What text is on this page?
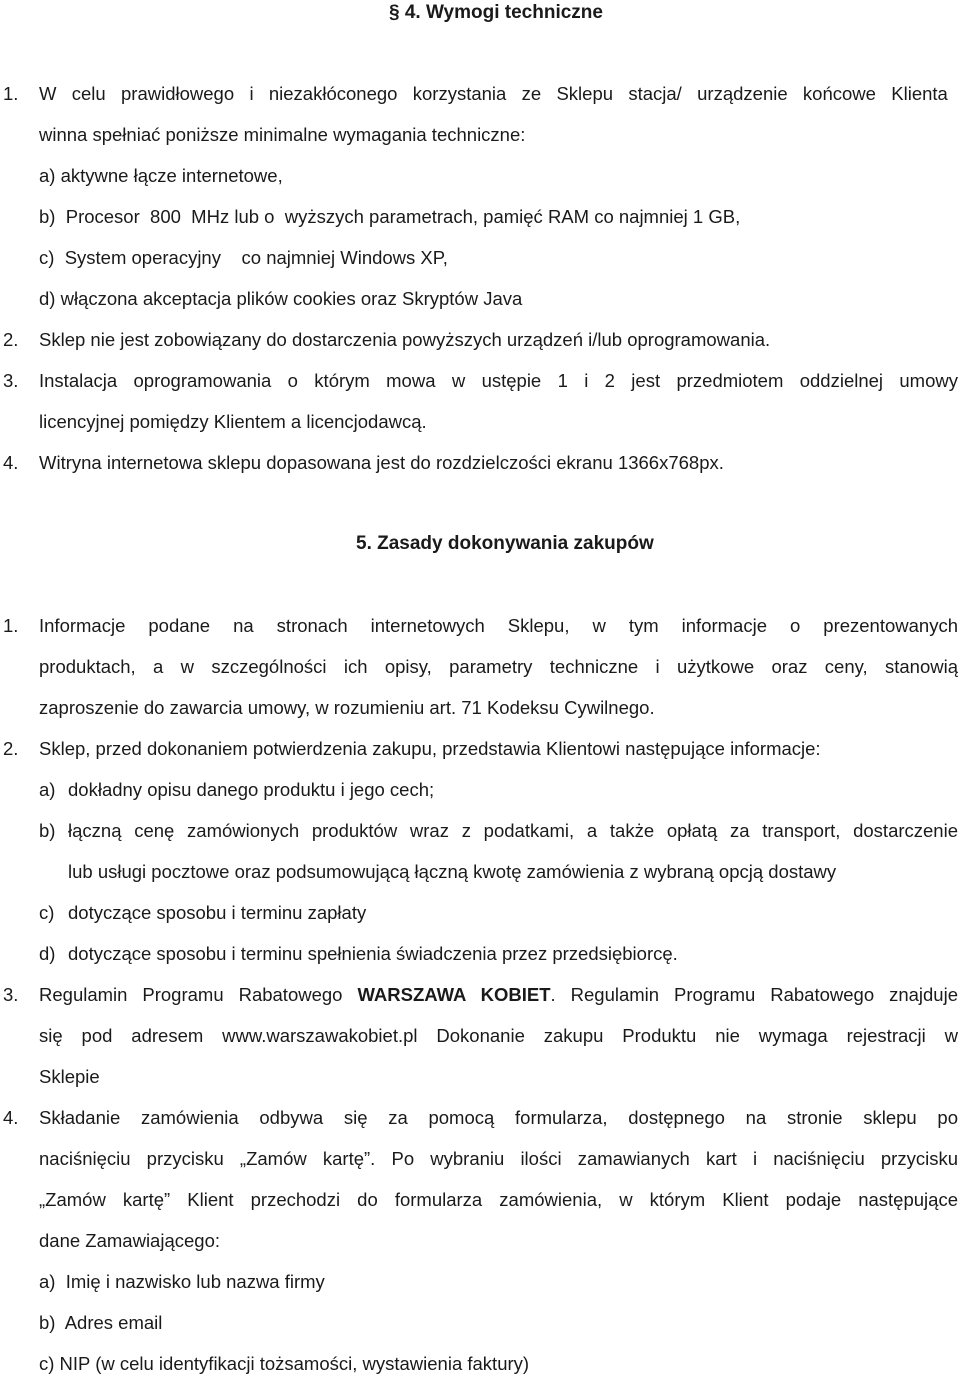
§ 4. Wymogi techniczne
1. W celu prawidłowego i niezakłóconego korzystania ze Sklepu stacja/ urządzenie końcowe Klienta
winna spełniać poniższe minimalne wymagania techniczne:
a) aktywne łącze internetowe,
b)  Procesor  800  MHz lub o  wyższych parametrach, pamięć RAM co najmniej 1 GB,
c)  System operacyjny    co najmniej Windows XP,
d) włączona akceptacja plików cookies oraz Skryptów Java
2. Sklep nie jest zobowiązany do dostarczenia powyższych urządzeń i/lub oprogramowania.
3. Instalacja oprogramowania o którym mowa w ustępie 1 i 2 jest przedmiotem oddzielnej umowy
licencyjnej pomiędzy Klientem a licencjodawcą.
4. Witryna internetowa sklepu dopasowana jest do rozdzielczości ekranu 1366x768px.
5. Zasady dokonywania zakupów
1. Informacje podane na stronach internetowych Sklepu, w tym informacje o prezentowanych
produktach, a w szczególności ich opisy, parametry techniczne i użytkowe oraz ceny, stanowią
zaproszenie do zawarcia umowy, w rozumieniu art. 71 Kodeksu Cywilnego.
2. Sklep, przed dokonaniem potwierdzenia zakupu, przedstawia Klientowi następujące informacje:
a) dokładny opisu danego produktu i jego cech;
b) łączną cenę zamówionych produktów wraz z podatkami, a także opłatą za transport, dostarczenie
lub usługi pocztowe oraz podsumowującą łączną kwotę zamówienia z wybraną opcją dostawy
c) dotyczące sposobu i terminu zapłaty
d) dotyczące sposobu i terminu spełnienia świadczenia przez przedsiębiorcę.
3. Regulamin Programu Rabatowego WARSZAWA KOBIET. Regulamin Programu Rabatowego znajduje
się pod adresem www.warszawakobiet.pl Dokonanie zakupu Produktu nie wymaga rejestracji w
Sklepie
4. Składanie zamówienia odbywa się za pomocą formularza, dostępnego na stronie sklepu po
naciśnięciu przycisku „Zamów kartę”. Po wybraniu ilości zamawianych kart i naciśnięciu przycisku
„Zamów kartę” Klient przechodzi do formularza zamówienia, w którym Klient podaje następujące
dane Zamawiającego:
a)  Imię i nazwisko lub nazwa firmy
b)  Adres email
c) NIP (w celu identyfikacji tożsamości, wystawienia faktury)
